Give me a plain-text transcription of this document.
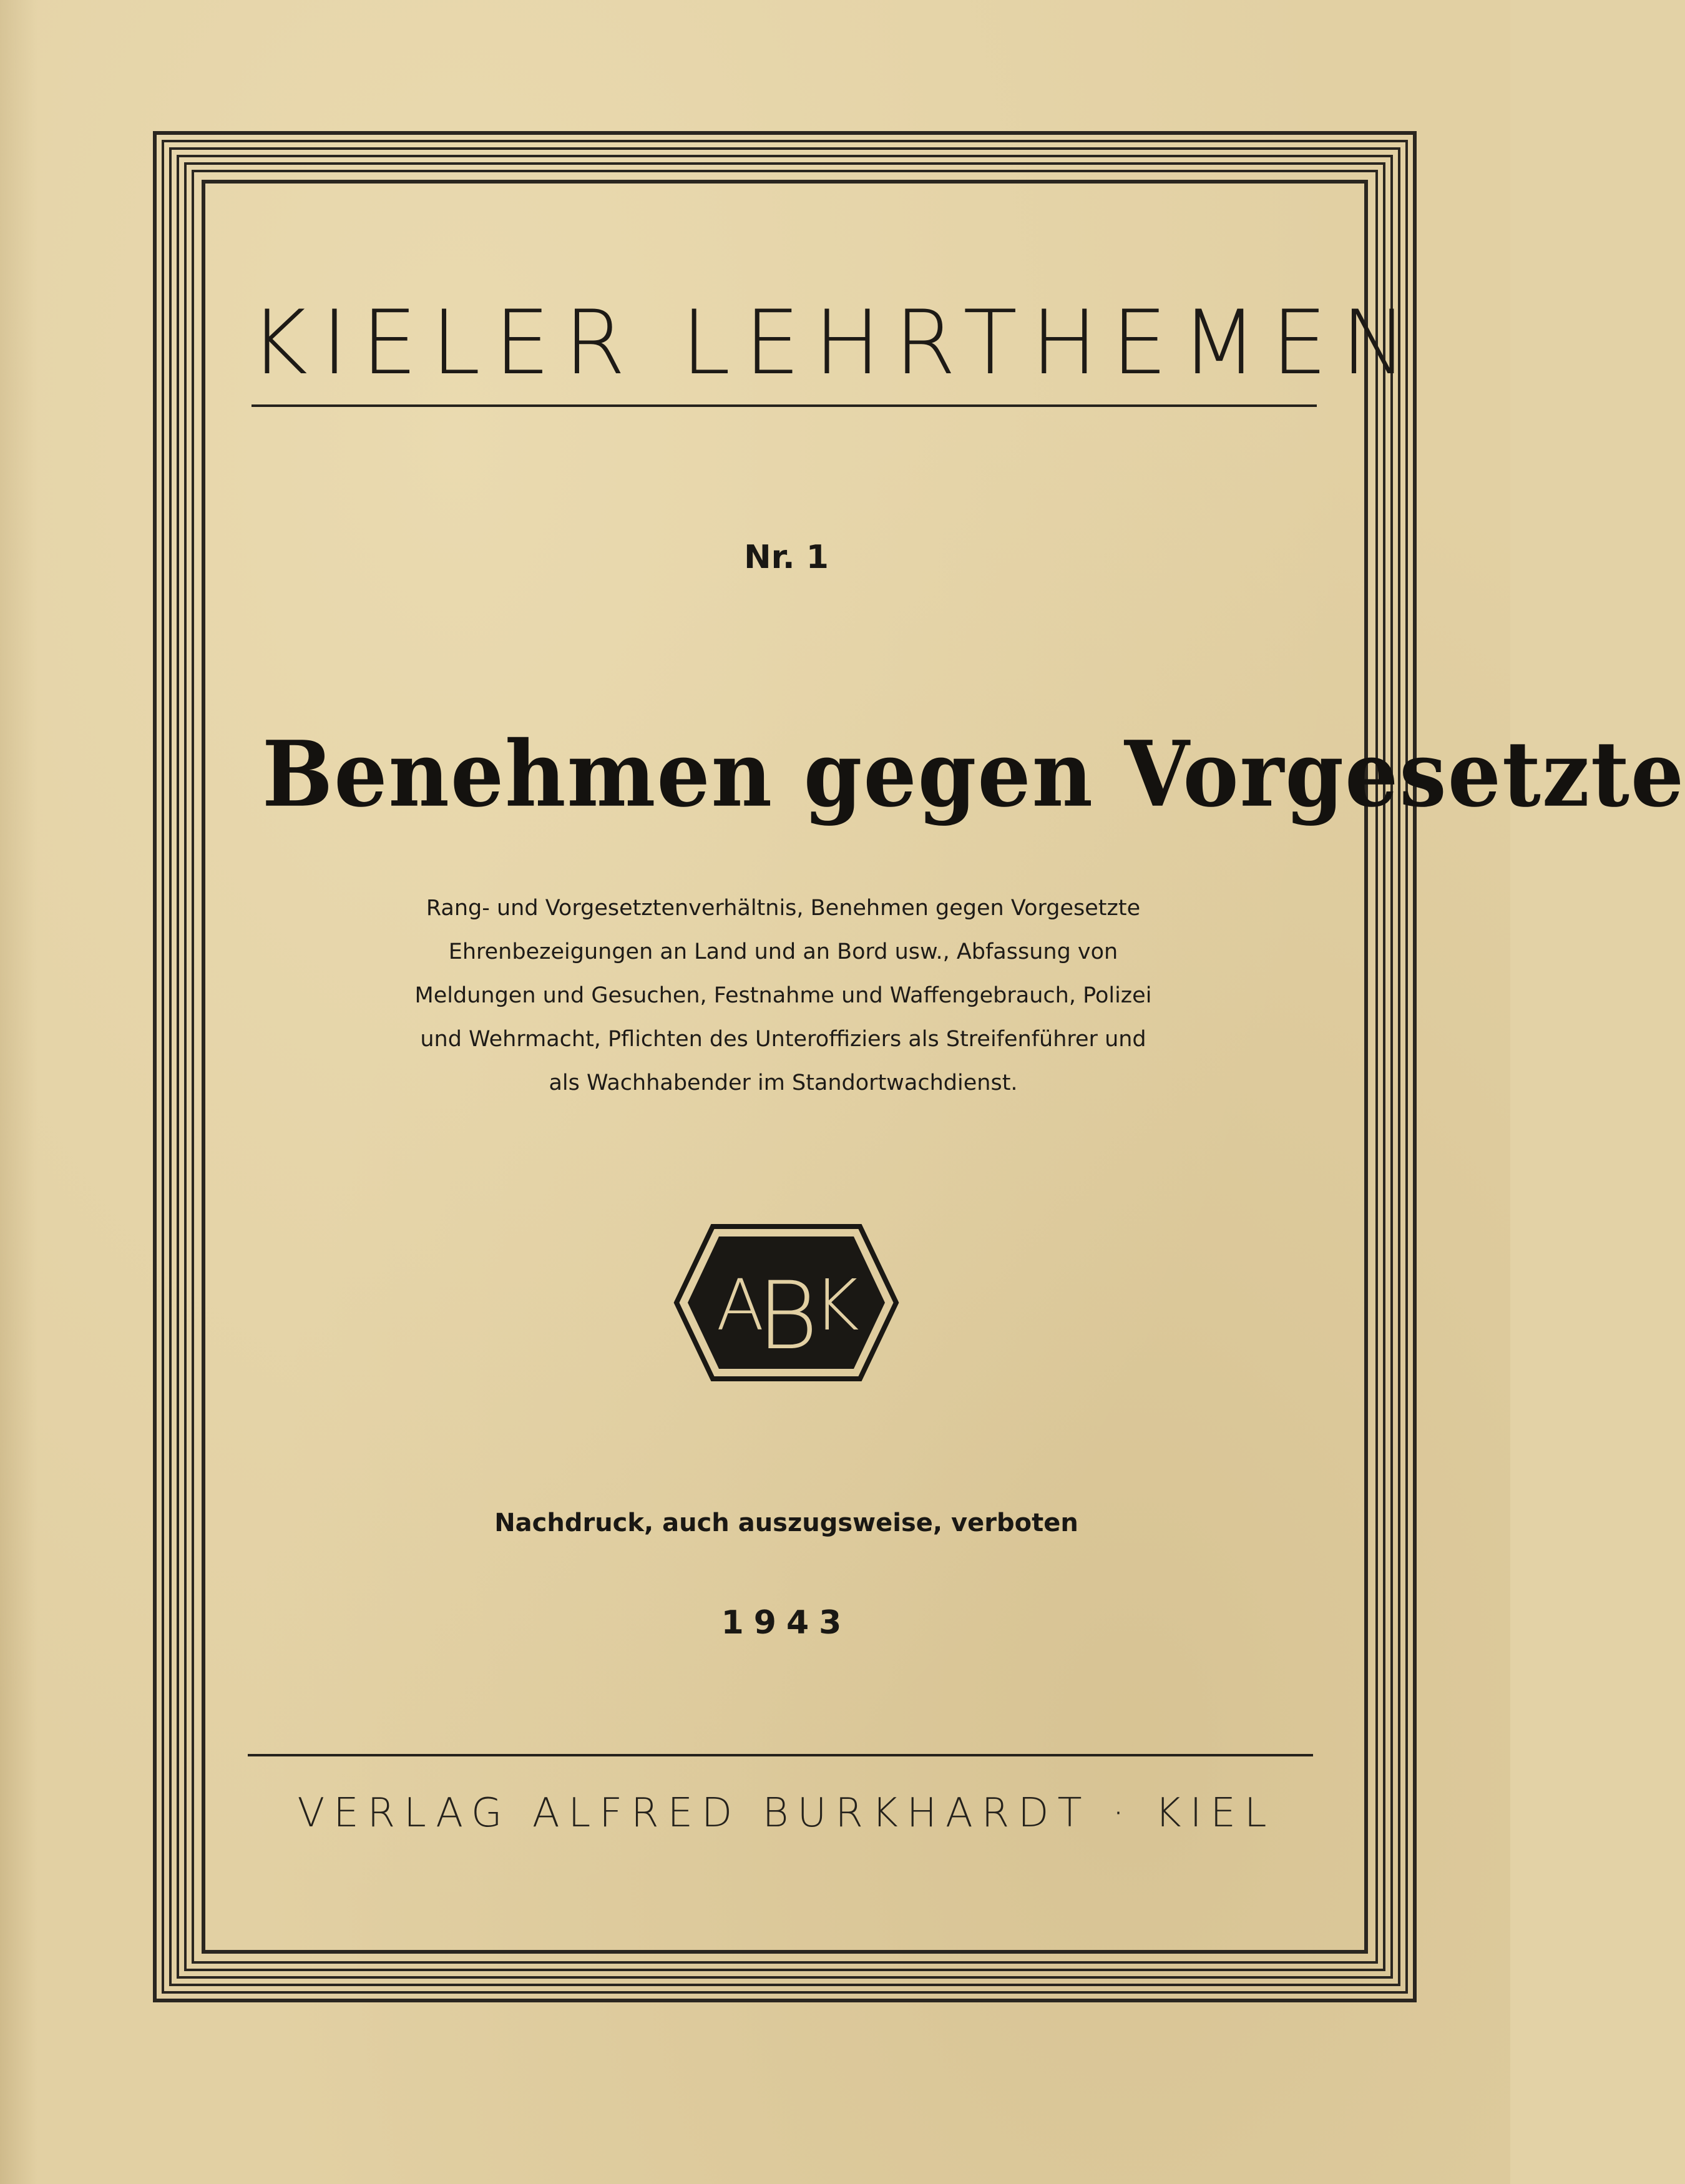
KIELER LEHRTHEMEN
Nr. 1
Benehmen gegen Vorgesetzte
Rang- und Vorgesetztenverhältnis, Benehmen gegen Vorgesetzte
Ehrenbezeigungen an Land und an Bord usw., Abfassung von
Meldungen und Gesuchen, Festnahme und Waffengebrauch, Polizei
und Wehrmacht, Pflichten des Unteroffiziers als Streifenführer und
als Wachhabender im Standortwachdienst.
A
B
K
Nachdruck, auch auszugsweise, verboten
1943
VERLAG ALFRED BURKHARDT · KIEL
